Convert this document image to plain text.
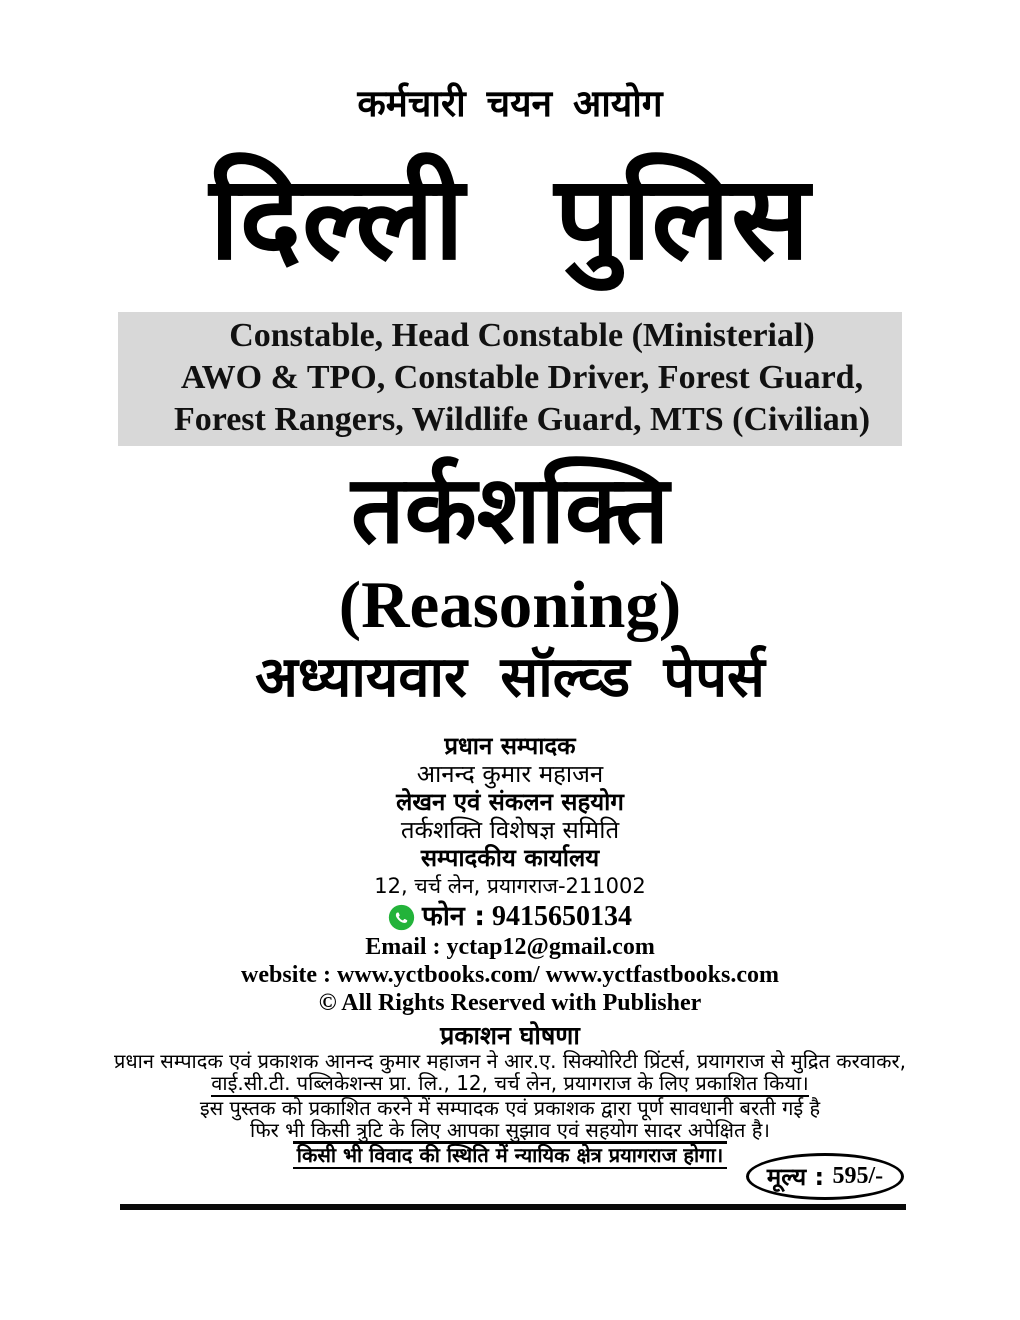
कर्मचारी चयन आयोग
दिल्ली पुलिस
Constable, Head Constable (Ministerial)
AWO & TPO, Constable Driver, Forest Guard,
Forest Rangers, Wildlife Guard, MTS (Civilian)
तर्कशक्ति
(Reasoning)
अध्यायवार सॉल्व्ड पेपर्स
प्रधान सम्पादक
आनन्द कुमार महाजन
लेखन एवं संकलन सहयोग
तर्कशक्ति विशेषज्ञ समिति
सम्पादकीय कार्यालय
12, चर्च लेन, प्रयागराज-211002
फोन : 9415650134
Email : yctap12@gmail.com
website : www.yctbooks.com/ www.yctfastbooks.com
© All Rights Reserved with Publisher
प्रकाशन घोषणा
प्रधान सम्पादक एवं प्रकाशक आनन्द कुमार महाजन ने आर.ए. सिक्योरिटी प्रिंटर्स, प्रयागराज से मुद्रित करवाकर,
वाई.सी.टी. पब्लिकेशन्स प्रा. लि., 12, चर्च लेन, प्रयागराज के लिए प्रकाशित किया।
इस पुस्तक को प्रकाशित करने में सम्पादक एवं प्रकाशक द्वारा पूर्ण सावधानी बरती गई है
फिर भी किसी त्रुटि के लिए आपका सुझाव एवं सहयोग सादर अपेक्षित है।
किसी भी विवाद की स्थिति में न्यायिक क्षेत्र प्रयागराज होगा।
मूल्य :
595/-
